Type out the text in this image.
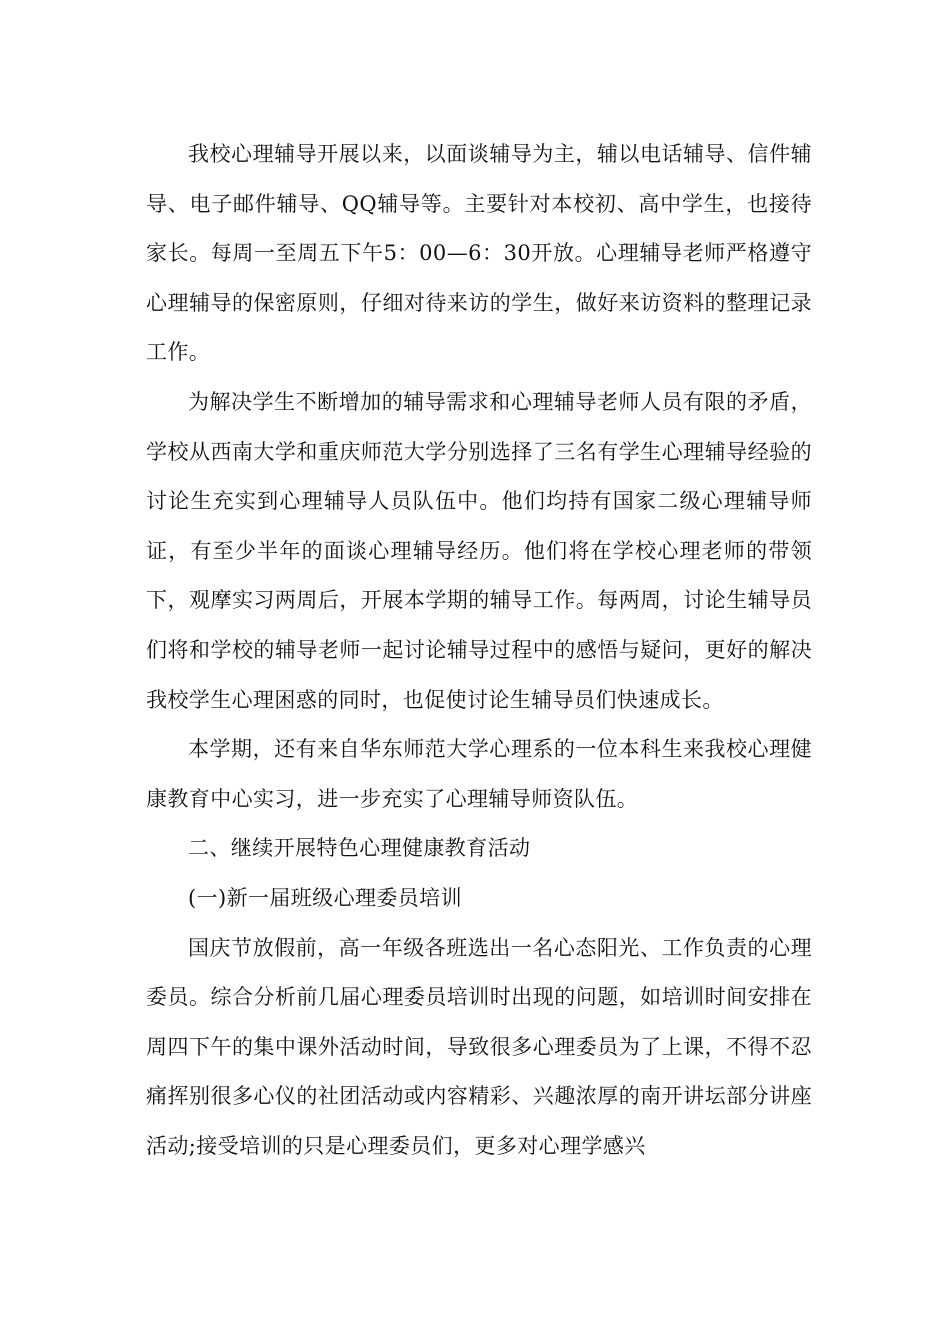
我校心理辅导开展以来，以面谈辅导为主，辅以电话辅导、信件辅导、电子邮件辅导、QQ辅导等。主要针对本校初、高中学生，也接待家长。每周一至周五下午5：00—6：30开放。心理辅导老师严格遵守心理辅导的保密原则，仔细对待来访的学生，做好来访资料的整理记录工作。

为解决学生不断增加的辅导需求和心理辅导老师人员有限的矛盾，学校从西南大学和重庆师范大学分别选择了三名有学生心理辅导经验的讨论生充实到心理辅导人员队伍中。他们均持有国家二级心理辅导师证，有至少半年的面谈心理辅导经历。他们将在学校心理老师的带领下，观摩实习两周后，开展本学期的辅导工作。每两周，讨论生辅导员们将和学校的辅导老师一起讨论辅导过程中的感悟与疑问，更好的解决我校学生心理困惑的同时，也促使讨论生辅导员们快速成长。

本学期，还有来自华东师范大学心理系的一位本科生来我校心理健康教育中心实习，进一步充实了心理辅导师资队伍。

二、继续开展特色心理健康教育活动

(一)新一届班级心理委员培训

国庆节放假前，高一年级各班选出一名心态阳光、工作负责的心理委员。综合分析前几届心理委员培训时出现的问题，如培训时间安排在周四下午的集中课外活动时间，导致很多心理委员为了上课，不得不忍痛挥别很多心仪的社团活动或内容精彩、兴趣浓厚的南开讲坛部分讲座活动;接受培训的只是心理委员们，更多对心理学感兴
